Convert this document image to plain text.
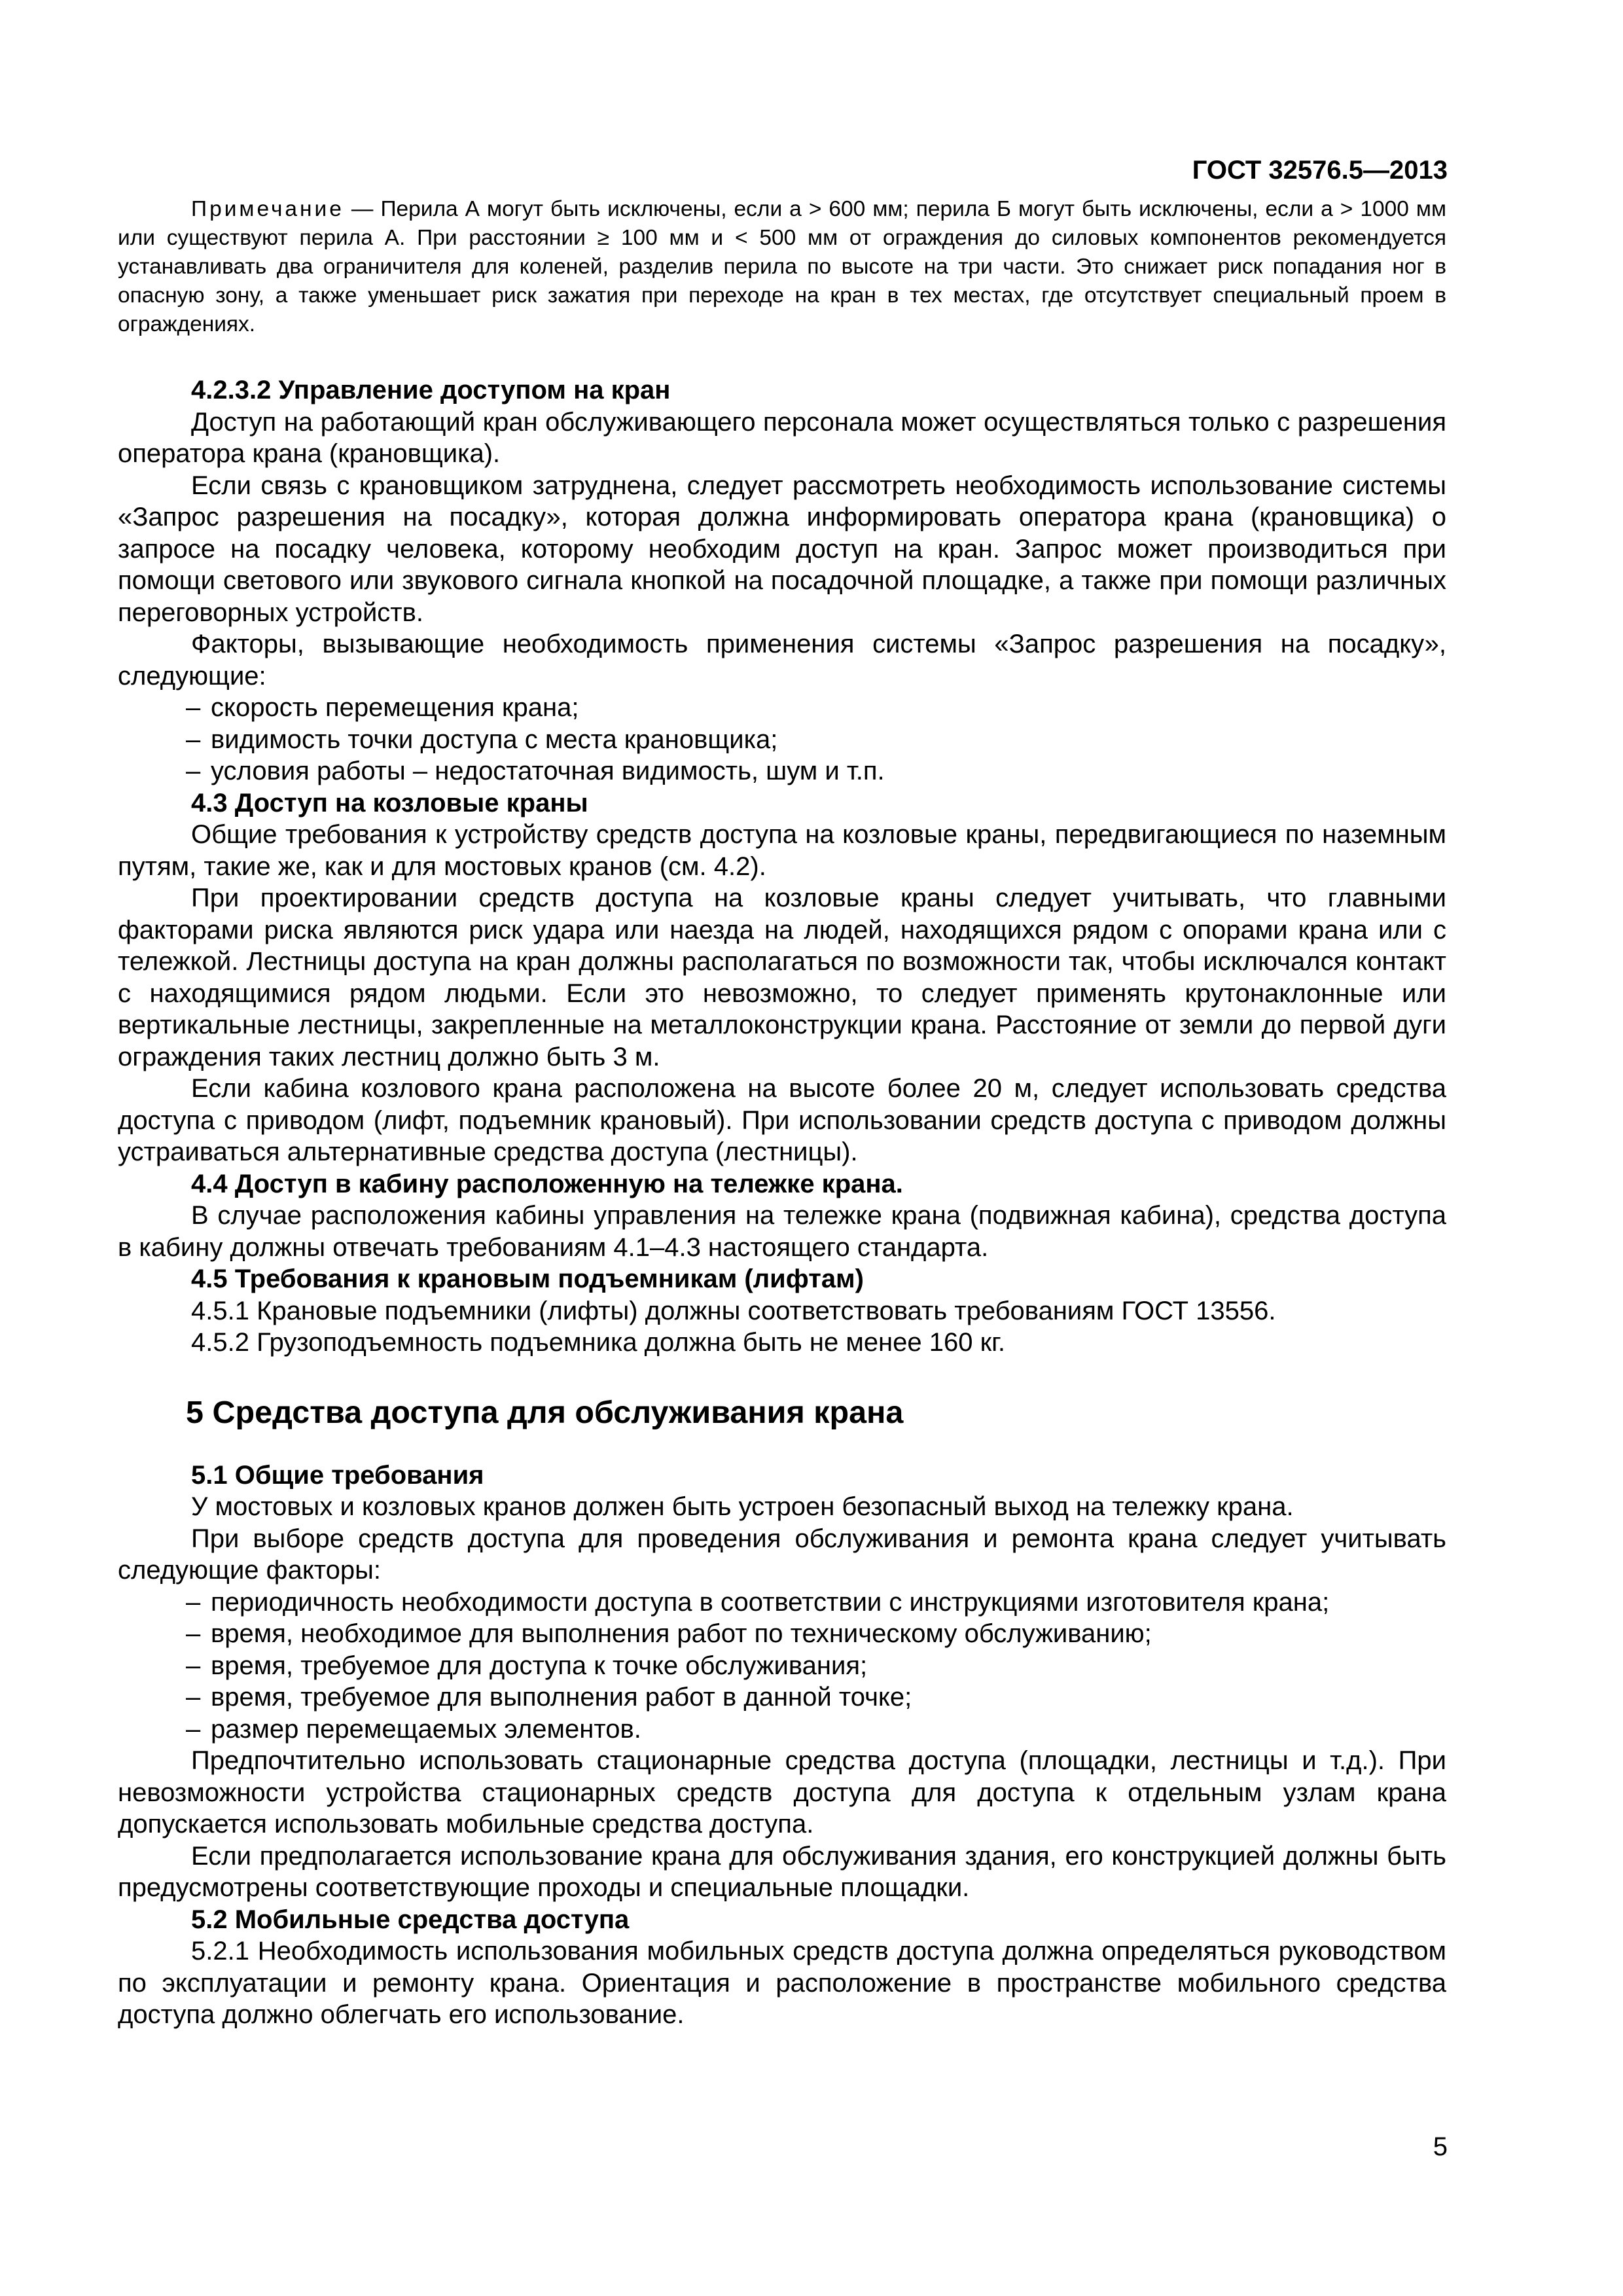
ГОСТ 32576.5—2013

Примечание — Перила А могут быть исключены, если a > 600 мм; перила Б могут быть исключены, если a > 1000 мм или существуют перила А. При расстоянии ≥ 100 мм и < 500 мм от ограждения до силовых компонентов рекомендуется устанавливать два ограничителя для коленей, разделив перила по высоте на три части. Это снижает риск попадания ног в опасную зону, а также уменьшает риск зажатия при переходе на кран в тех местах, где отсутствует специальный проем в ограждениях.

4.2.3.2 Управление доступом на кран

Доступ на работающий кран обслуживающего персонала может осуществляться только с разрешения оператора крана (крановщика).

Если связь с крановщиком затруднена, следует рассмотреть необходимость использование системы «Запрос разрешения на посадку», которая должна информировать оператора крана (крановщика) о запросе на посадку человека, которому необходим доступ на кран. Запрос может производиться при помощи светового или звукового сигнала кнопкой на посадочной площадке, а также при помощи различных переговорных устройств.

Факторы, вызывающие необходимость применения системы «Запрос разрешения на посадку», следующие:

– скорость перемещения крана;

– видимость точки доступа с места крановщика;

– условия работы – недостаточная видимость, шум и т.п.

4.3 Доступ на козловые краны

Общие требования к устройству средств доступа на козловые краны, передвигающиеся по наземным путям, такие же, как и для мостовых кранов (см. 4.2).

При проектировании средств доступа на козловые краны следует учитывать, что главными факторами риска являются риск удара или наезда на людей, находящихся рядом с опорами крана или с тележкой. Лестницы доступа на кран должны располагаться по возможности так, чтобы исключался контакт с находящимися рядом людьми. Если это невозможно, то следует применять крутонаклонные или вертикальные лестницы, закрепленные на металлоконструкции крана. Расстояние от земли до первой дуги ограждения таких лестниц должно быть 3 м.

Если кабина козлового крана расположена на высоте более 20 м, следует использовать средства доступа с приводом (лифт, подъемник крановый). При использовании средств доступа с приводом должны устраиваться альтернативные средства доступа (лестницы).

4.4 Доступ в кабину расположенную на тележке крана.

В случае расположения кабины управления на тележке крана (подвижная кабина), средства доступа в кабину должны отвечать требованиям 4.1–4.3 настоящего стандарта.

4.5 Требования к крановым подъемникам (лифтам)

4.5.1 Крановые подъемники (лифты) должны соответствовать требованиям ГОСТ 13556.

4.5.2 Грузоподъемность подъемника должна быть не менее 160 кг.

5 Средства доступа для обслуживания крана

5.1 Общие требования

У мостовых и козловых кранов должен быть устроен безопасный выход на тележку крана.

При выборе средств доступа для проведения обслуживания и ремонта крана следует учитывать следующие факторы:

– периодичность необходимости доступа в соответствии с инструкциями изготовителя крана;

– время, необходимое для выполнения работ по техническому обслуживанию;

– время, требуемое для доступа к точке обслуживания;

– время, требуемое для выполнения работ в данной точке;

– размер перемещаемых элементов.

Предпочтительно использовать стационарные средства доступа (площадки, лестницы и т.д.). При невозможности устройства стационарных средств доступа для доступа к отдельным узлам крана допускается использовать мобильные средства доступа.

Если предполагается использование крана для обслуживания здания, его конструкцией должны быть предусмотрены соответствующие проходы и специальные площадки.

5.2 Мобильные средства доступа

5.2.1 Необходимость использования мобильных средств доступа должна определяться руководством по эксплуатации и ремонту крана. Ориентация и расположение в пространстве мобильного средства доступа должно облегчать его использование.

5
